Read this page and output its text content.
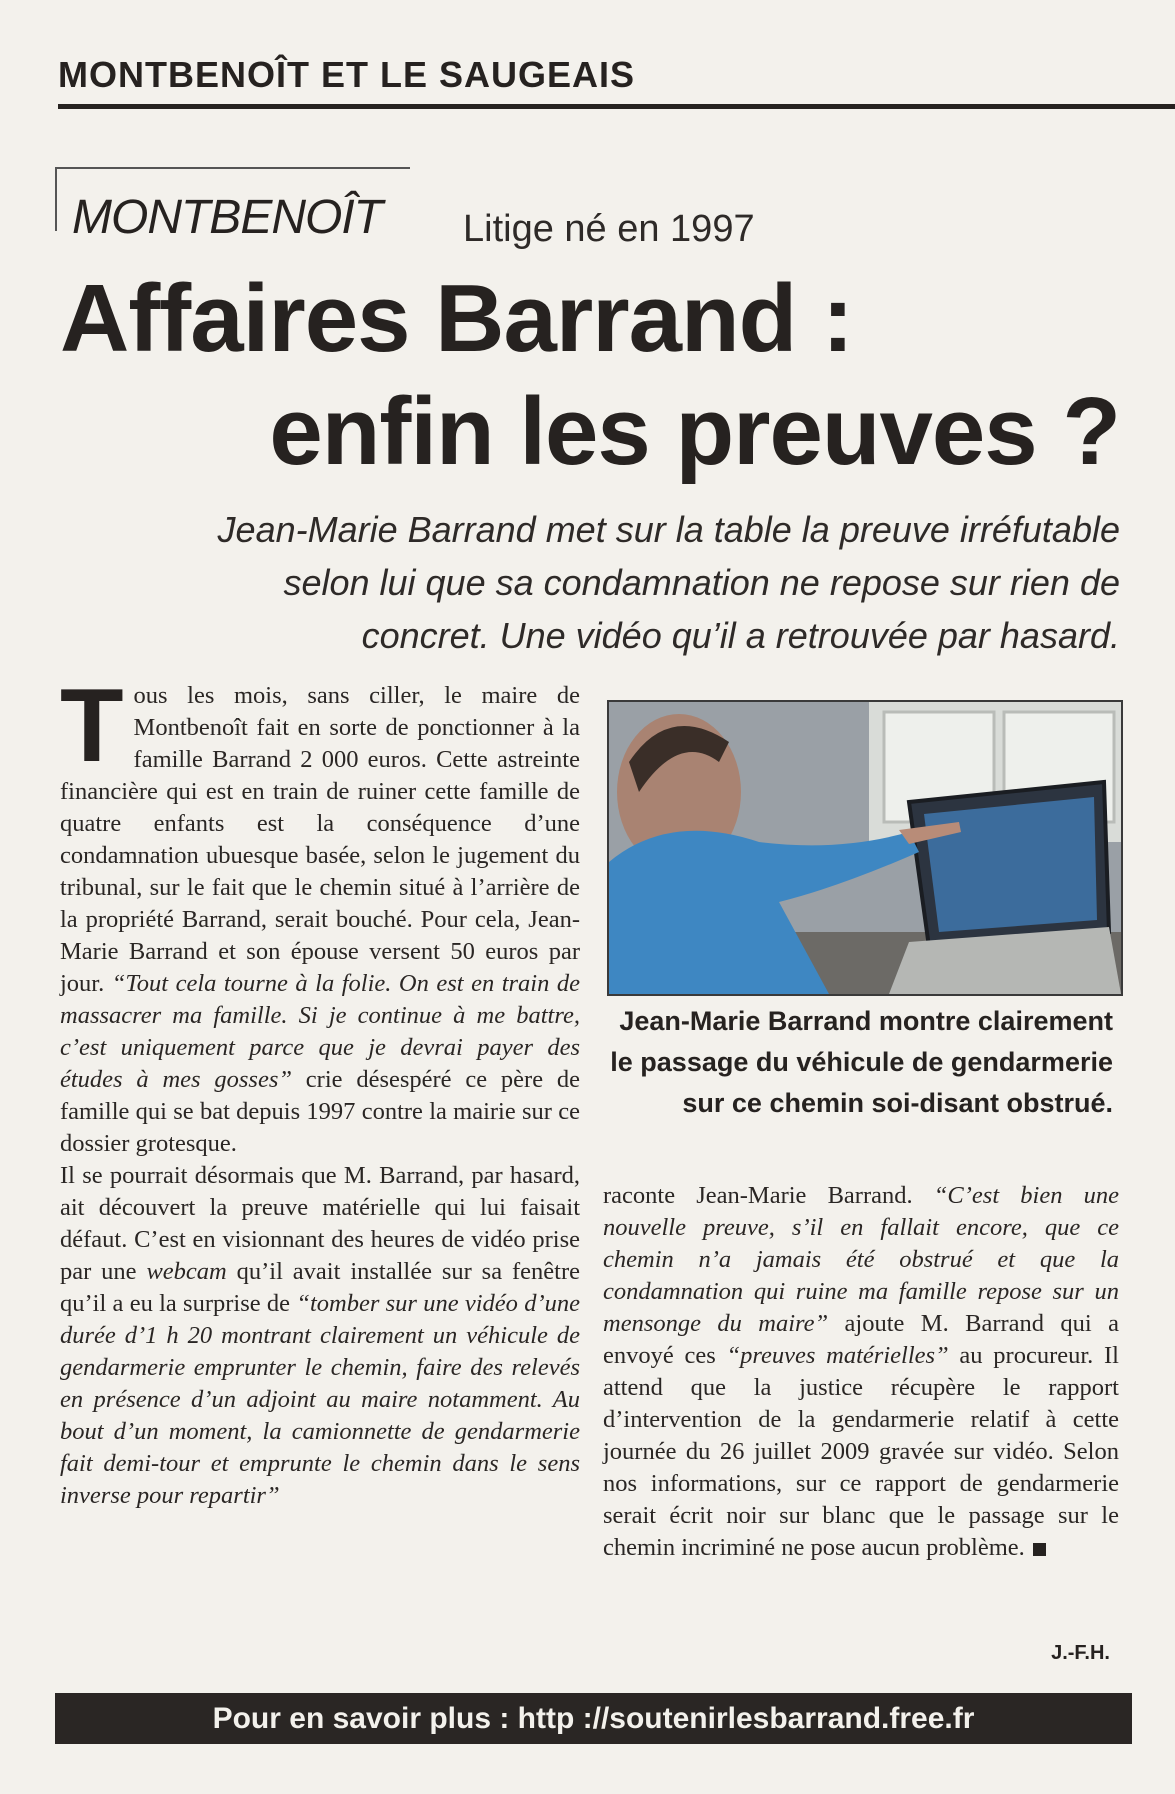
MONTBENOÎT ET LE SAUGEAIS
MONTBENOÎT Litige né en 1997
Affaires Barrand :
enfin les preuves ?
Jean-Marie Barrand met sur la table la preuve irréfutable
selon lui que sa condamnation ne repose sur rien de
concret. Une vidéo qu’il a retrouvée par hasard.

Tous les mois, sans ciller, le maire de Montbenoît fait en sorte de ponctionner à la famille Barrand 2 000 euros. Cette astreinte financière qui est en train de ruiner cette famille de quatre enfants est la conséquence d’une condamnation ubuesque basée, selon le jugement du tribunal, sur le fait que le chemin situé à l’arrière de la propriété Barrand, serait bouché. Pour cela, Jean-Marie Barrand et son épouse versent 50 euros par jour. “Tout cela tourne à la folie. On est en train de massacrer ma famille. Si je continue à me battre, c’est uniquement parce que je devrai payer des études à mes gosses” crie désespéré ce père de famille qui se bat depuis 1997 contre la mairie sur ce dossier grotesque.

Il se pourrait désormais que M. Barrand, par hasard, ait découvert la preuve matérielle qui lui faisait défaut. C’est en visionnant des heures de vidéo prise par une webcam qu’il avait installée sur sa fenêtre qu’il a eu la surprise de “tomber sur une vidéo d’une durée d’1 h 20 montrant clairement un véhicule de gendarmerie emprunter le chemin, faire des relevés en présence d’un adjoint au maire notamment. Au bout d’un moment, la camionnette de gendarmerie fait demi-tour et emprunte le chemin dans le sens inverse pour repartir”

Jean-Marie Barrand montre clairement le passage du véhicule de gendarmerie sur ce chemin soi-disant obstrué.

raconte Jean-Marie Barrand. “C’est bien une nouvelle preuve, s’il en fallait encore, que ce chemin n’a jamais été obstrué et que la condamnation qui ruine ma famille repose sur un mensonge du maire” ajoute M. Barrand qui a envoyé ces “preuves matérielles” au procureur. Il attend que la justice récupère le rapport d’intervention de la gendarmerie relatif à cette journée du 26 juillet 2009 gravée sur vidéo. Selon nos informations, sur ce rapport de gendarmerie serait écrit noir sur blanc que le passage sur le chemin incriminé ne pose aucun problème.

J.-F.H.
Pour en savoir plus : http ://soutenirlesbarrand.free.fr
